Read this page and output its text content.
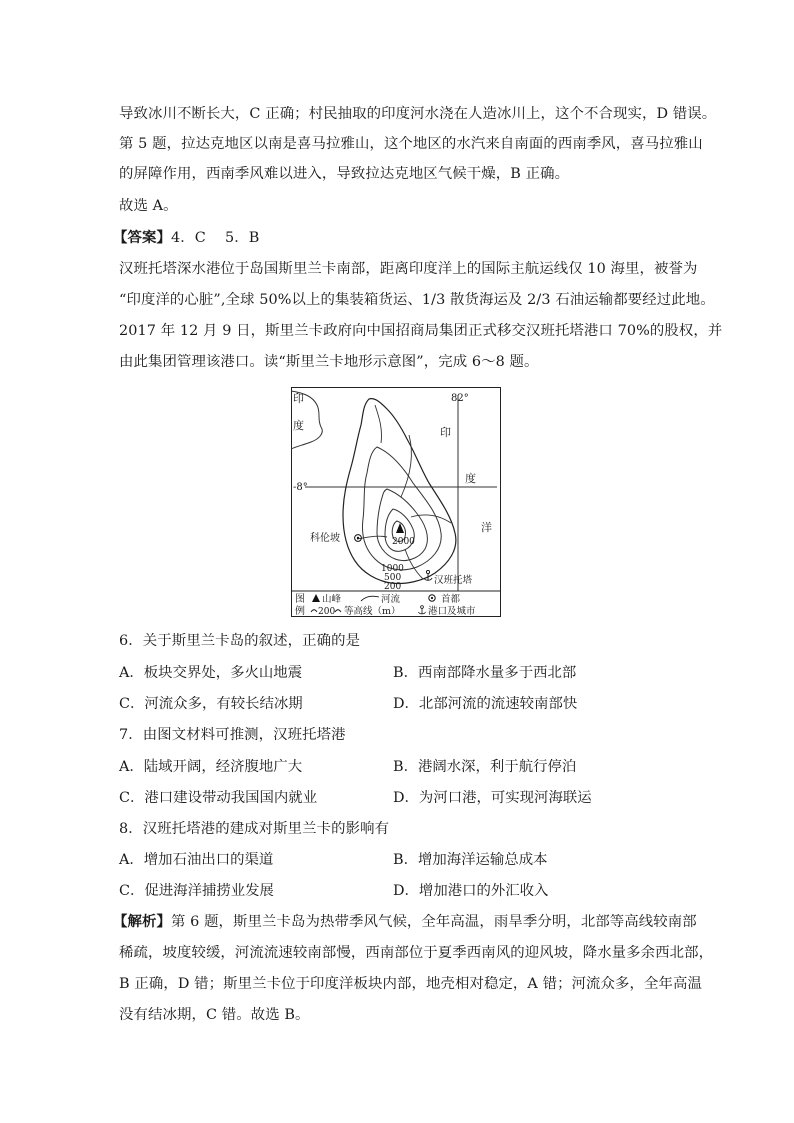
导致冰川不断长大，C 正确；村民抽取的印度河水浇在人造冰川上，这个不合现实，D 错误。
第 5 题，拉达克地区以南是喜马拉雅山，这个地区的水汽来自南面的西南季风，喜马拉雅山
的屏障作用，西南季风难以进入，导致拉达克地区气候干燥，B 正确。
故选 A。
【答案】4．C　 5．B
汉班托塔深水港位于岛国斯里兰卡南部，距离印度洋上的国际主航运线仅 10 海里，被誉为
“印度洋的心脏”,全球 50%以上的集装箱货运、1/3 散货海运及 2/3 石油运输都要经过此地。
2017 年 12 月 9 日，斯里兰卡政府向中国招商局集团正式移交汉班托塔港口 70%的股权，并
由此集团管理该港口。读“斯里兰卡地形示意图”，完成 6～8 题。
82°
-8°
印
度
印
度
洋
科伦坡	2000
1000
500
200
汉班托塔
图
例
山峰	河流	首都
200 等高线（m）	港口及城市
6．关于斯里兰卡岛的叙述，正确的是
A．板块交界处，多火山地震	B．西南部降水量多于西北部
C．河流众多，有较长结冰期	D．北部河流的流速较南部快
7．由图文材料可推测，汉班托塔港
A．陆域开阔，经济腹地广大	B．港阔水深，利于航行停泊
C．港口建设带动我国国内就业	D．为河口港，可实现河海联运
8．汉班托塔港的建成对斯里兰卡的影响有
A．增加石油出口的渠道	B．增加海洋运输总成本
C．促进海洋捕捞业发展	D．增加港口的外汇收入
【解析】第 6 题，斯里兰卡岛为热带季风气候，全年高温，雨旱季分明，北部等高线较南部
稀疏，坡度较缓，河流流速较南部慢，西南部位于夏季西南风的迎风坡，降水量多余西北部，
B 正确，D 错；斯里兰卡位于印度洋板块内部，地壳相对稳定，A 错；河流众多，全年高温
没有结冰期，C 错。故选 B。
